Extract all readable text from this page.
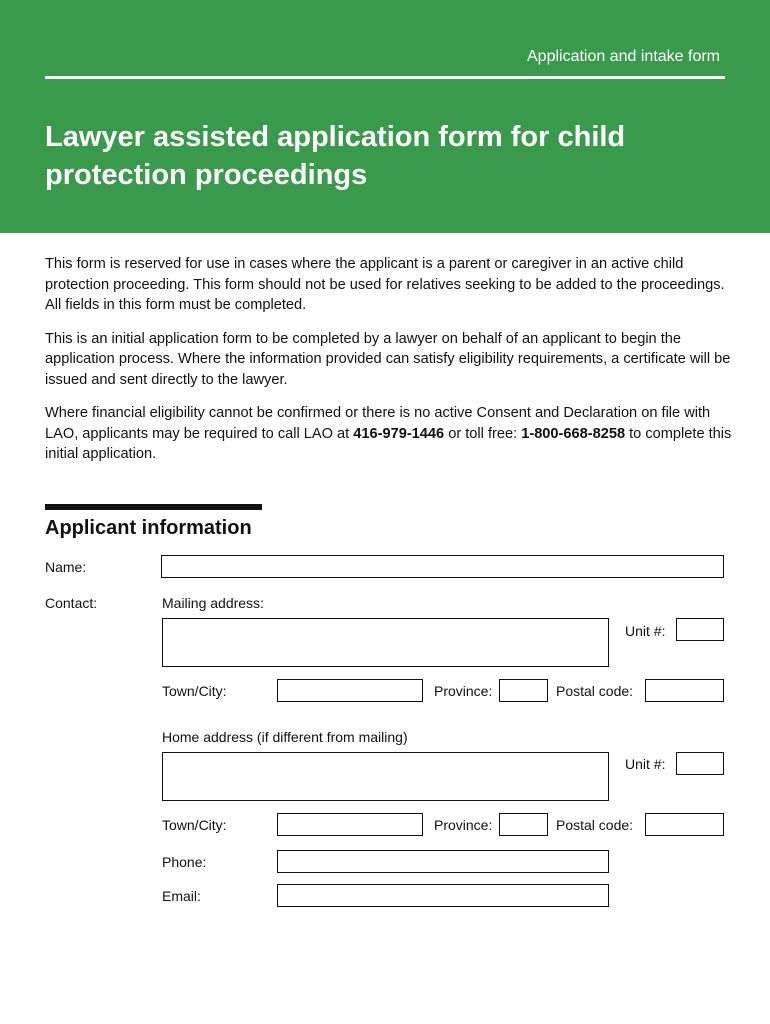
Application and intake form
Lawyer assisted application form for child protection proceedings

This form is reserved for use in cases where the applicant is a parent or caregiver in an active child protection proceeding. This form should not be used for relatives seeking to be added to the proceedings. All fields in this form must be completed.

This is an initial application form to be completed by a lawyer on behalf of an applicant to begin the application process. Where the information provided can satisfy eligibility requirements, a certificate will be issued and sent directly to the lawyer.

Where financial eligibility cannot be confirmed or there is no active Consent and Declaration on file with LAO, applicants may be required to call LAO at 416-979-1446 or toll free: 1-800-668-8258 to complete this initial application.

Applicant information
Name:
Contact:	Mailing address:
Unit #:
Town/City:	Province:	Postal code:
Home address (if different from mailing)
Unit #:
Town/City:	Province:	Postal code:
Phone:
Email:
